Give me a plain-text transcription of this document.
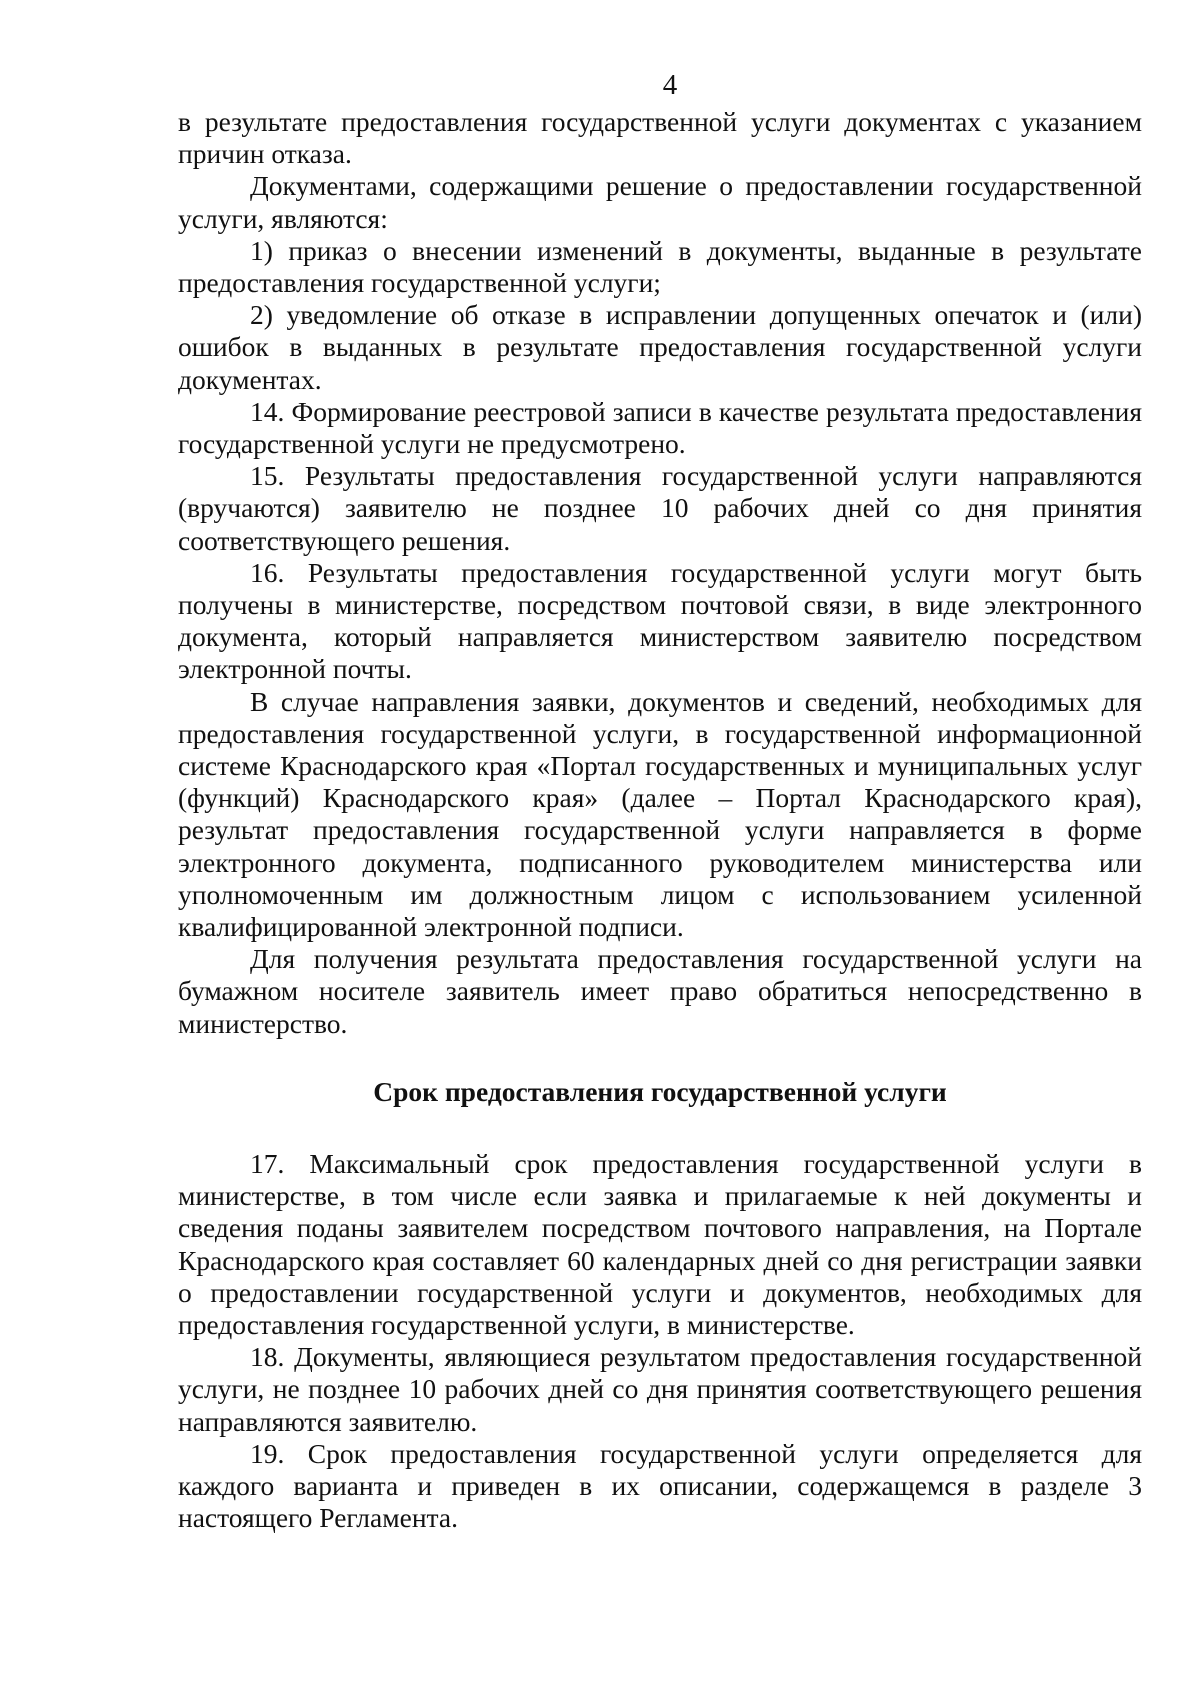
4

в результате предоставления государственной услуги документах с указанием причин отказа.

Документами, содержащими решение о предоставлении государственной услуги, являются:

1) приказ о внесении изменений в документы, выданные в результате предоставления государственной услуги;

2) уведомление об отказе в исправлении допущенных опечаток и (или) ошибок в выданных в результате предоставления государственной услуги документах.

14. Формирование реестровой записи в качестве результата предоставления государственной услуги не предусмотрено.

15. Результаты предоставления государственной услуги направляются (вручаются) заявителю не позднее 10 рабочих дней со дня принятия соответствующего решения.

16. Результаты предоставления государственной услуги могут быть получены в министерстве, посредством почтовой связи, в виде электронного документа, который направляется министерством заявителю посредством электронной почты.

В случае направления заявки, документов и сведений, необходимых для предоставления государственной услуги, в государственной информационной системе Краснодарского края «Портал государственных и муниципальных услуг (функций) Краснодарского края» (далее – Портал Краснодарского края), результат предоставления государственной услуги направляется в форме электронного документа, подписанного руководителем министерства или уполномоченным им должностным лицом с использованием усиленной квалифицированной электронной подписи.

Для получения результата предоставления государственной услуги на бумажном носителе заявитель имеет право обратиться непосредственно в министерство.

Срок предоставления государственной услуги

17. Максимальный срок предоставления государственной услуги в министерстве, в том числе если заявка и прилагаемые к ней документы и сведения поданы заявителем посредством почтового направления, на Портале Краснодарского края составляет 60 календарных дней со дня регистрации заявки о предоставлении государственной услуги и документов, необходимых для предоставления государственной услуги, в министерстве.

18. Документы, являющиеся результатом предоставления государственной услуги, не позднее 10 рабочих дней со дня принятия соответствующего решения направляются заявителю.

19. Срок предоставления государственной услуги определяется для каждого варианта и приведен в их описании, содержащемся в разделе 3 настоящего Регламента.
